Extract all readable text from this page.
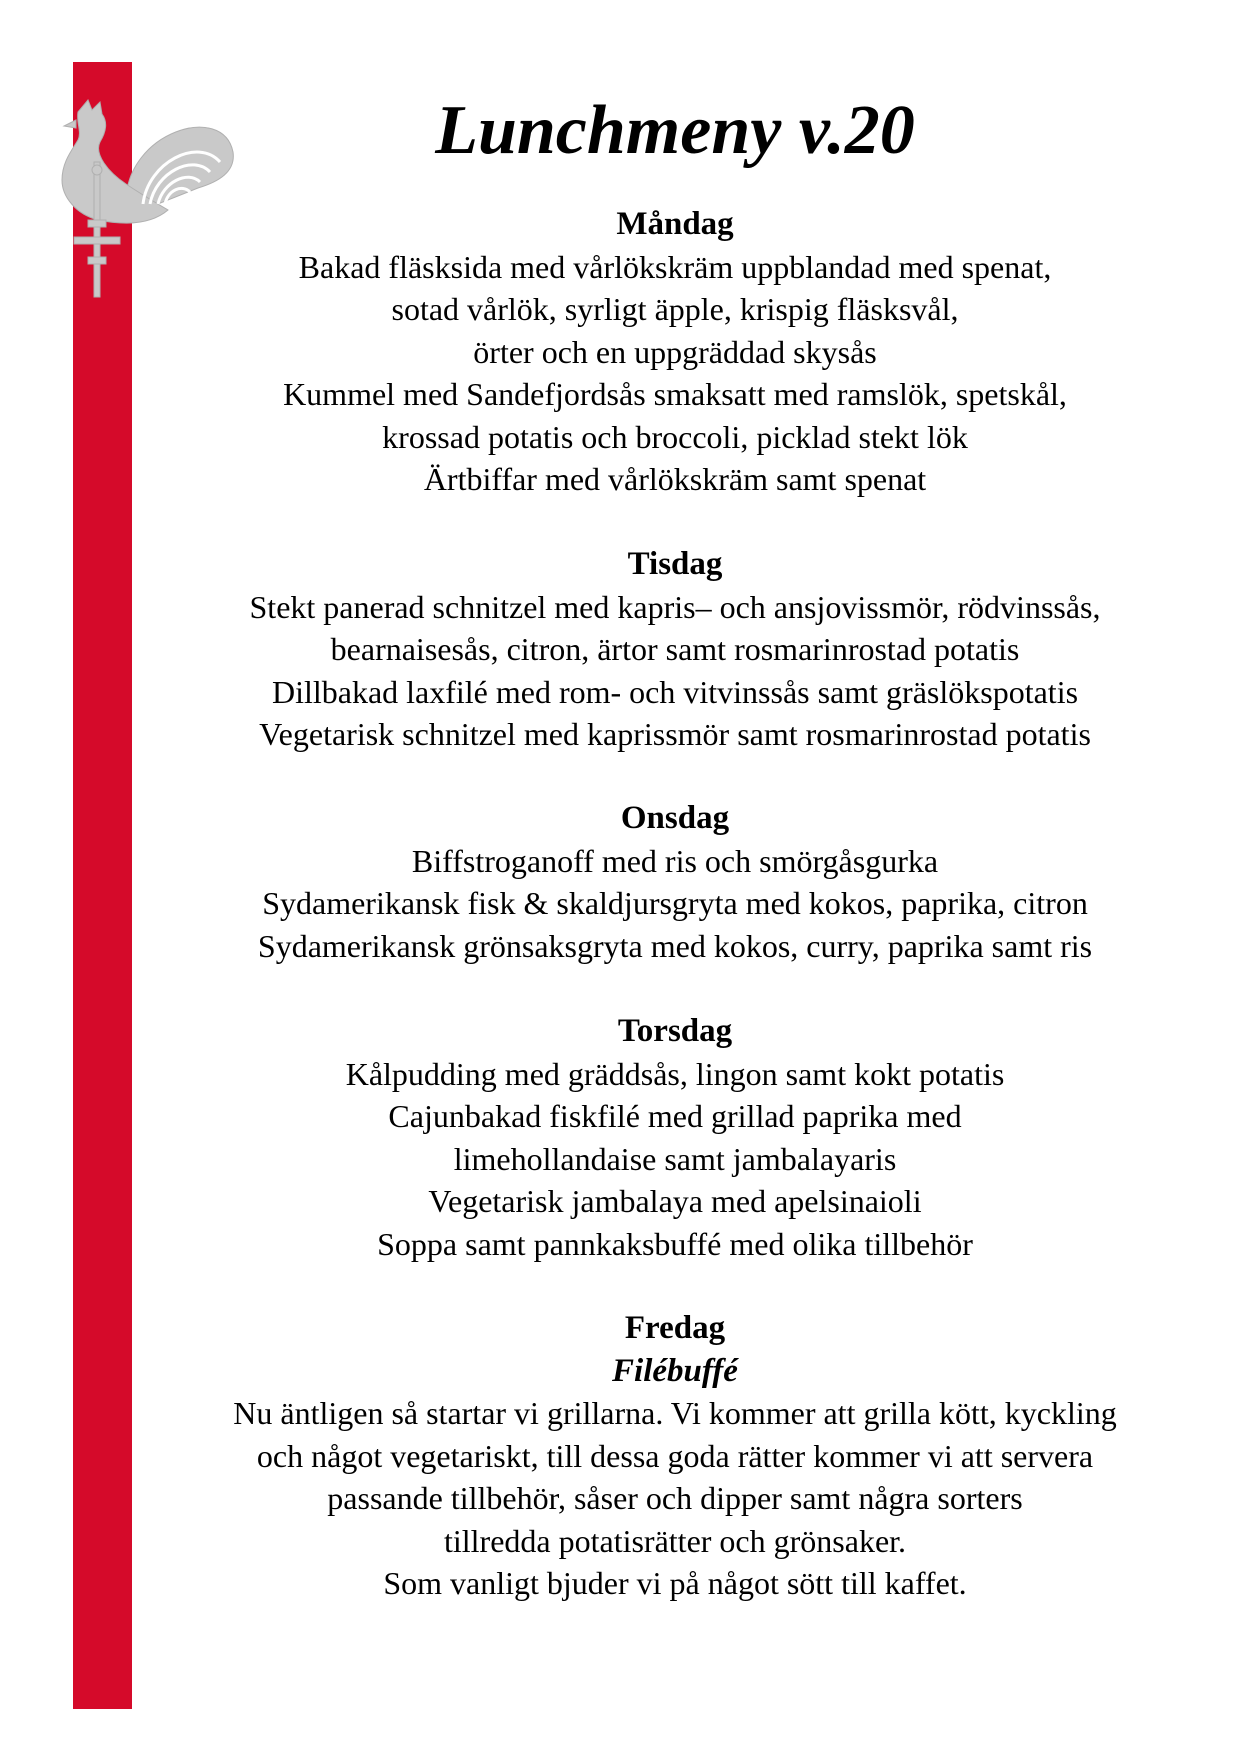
Lunchmeny v.20

Måndag

Bakad fläsksida med vårlökskräm uppblandad med spenat,

sotad vårlök, syrligt äpple, krispig fläsksvål,

örter och en uppgräddad skysås

Kummel med Sandefjordsås smaksatt med ramslök, spetskål,

krossad potatis och broccoli, picklad stekt lök

Ärtbiffar med vårlökskräm samt spenat

Tisdag

Stekt panerad schnitzel med kapris– och ansjovissmör, rödvinssås,

bearnaisesås, citron, ärtor samt rosmarinrostad potatis

Dillbakad laxfilé med rom- och vitvinssås samt gräslökspotatis

Vegetarisk schnitzel med kaprissmör samt rosmarinrostad potatis

Onsdag

Biffstroganoff med ris och smörgåsgurka

Sydamerikansk fisk & skaldjursgryta med kokos, paprika, citron

Sydamerikansk grönsaksgryta med kokos, curry, paprika samt ris

Torsdag

Kålpudding med gräddsås, lingon samt kokt potatis

Cajunbakad fiskfilé med grillad paprika med

limehollandaise samt jambalayaris

Vegetarisk jambalaya med apelsinaioli

Soppa samt pannkaksbuffé med olika tillbehör

Fredag

Filébuffé

Nu äntligen så startar vi grillarna. Vi kommer att grilla kött, kyckling

och något vegetariskt, till dessa goda rätter kommer vi att servera

passande tillbehör, såser och dipper samt några sorters

tillredda potatisrätter och grönsaker.

Som vanligt bjuder vi på något sött till kaffet.
